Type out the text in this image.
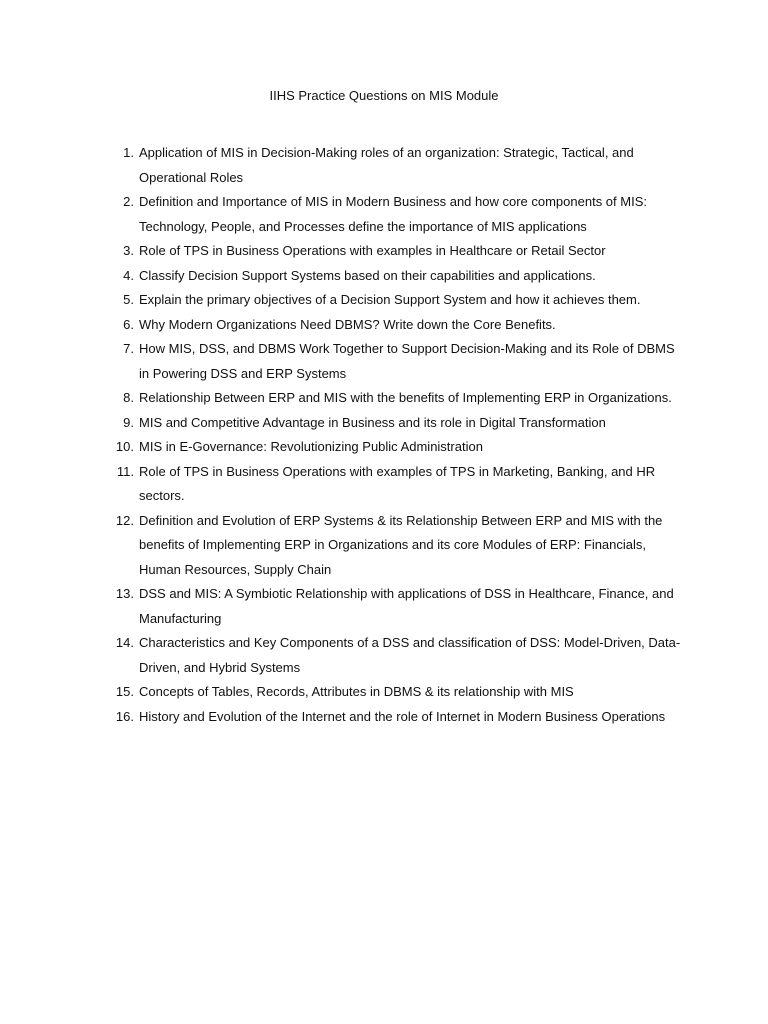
IIHS Practice Questions on MIS Module
1. Application of MIS in Decision-Making roles of an organization: Strategic, Tactical, and Operational Roles
2. Definition and Importance of MIS in Modern Business and how core components of MIS: Technology, People, and Processes define the importance of MIS applications
3. Role of TPS in Business Operations with examples in Healthcare or Retail Sector
4. Classify Decision Support Systems based on their capabilities and applications.
5. Explain the primary objectives of a Decision Support System and how it achieves them.
6. Why Modern Organizations Need DBMS? Write down the Core Benefits.
7. How MIS, DSS, and DBMS Work Together to Support Decision-Making and its Role of DBMS in Powering DSS and ERP Systems
8. Relationship Between ERP and MIS with the benefits of Implementing ERP in Organizations.
9. MIS and Competitive Advantage in Business and its role in Digital Transformation
10. MIS in E-Governance: Revolutionizing Public Administration
11. Role of TPS in Business Operations with examples of TPS in Marketing, Banking, and HR sectors.
12. Definition and Evolution of ERP Systems & its Relationship Between ERP and MIS with the benefits of Implementing ERP in Organizations and its core Modules of ERP: Financials, Human Resources, Supply Chain
13. DSS and MIS: A Symbiotic Relationship with applications of DSS in Healthcare, Finance, and Manufacturing
14. Characteristics and Key Components of a DSS and classification of DSS: Model-Driven, Data-Driven, and Hybrid Systems
15. Concepts of Tables, Records, Attributes in DBMS & its relationship with MIS
16. History and Evolution of the Internet and the role of Internet in Modern Business Operations
